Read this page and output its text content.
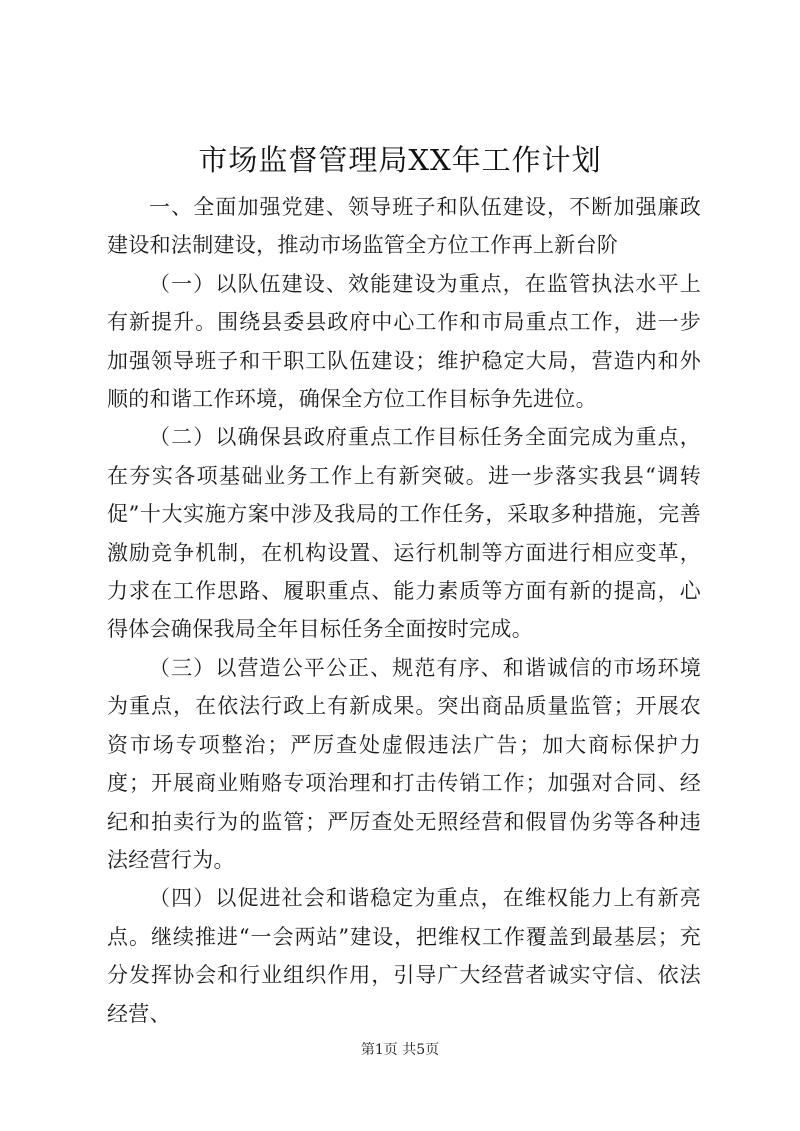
市场监督管理局XX年工作计划

一、全面加强党建、领导班子和队伍建设，不断加强廉政建设和法制建设，推动市场监管全方位工作再上新台阶

（一）以队伍建设、效能建设为重点，在监管执法水平上有新提升。围绕县委县政府中心工作和市局重点工作，进一步加强领导班子和干职工队伍建设；维护稳定大局，营造内和外顺的和谐工作环境，确保全方位工作目标争先进位。

（二）以确保县政府重点工作目标任务全面完成为重点，在夯实各项基础业务工作上有新突破。进一步落实我县“调转促”十大实施方案中涉及我局的工作任务，采取多种措施，完善激励竞争机制，在机构设置、运行机制等方面进行相应变革，力求在工作思路、履职重点、能力素质等方面有新的提高，心得体会确保我局全年目标任务全面按时完成。

（三）以营造公平公正、规范有序、和谐诚信的市场环境为重点，在依法行政上有新成果。突出商品质量监管；开展农资市场专项整治；严厉查处虚假违法广告；加大商标保护力度；开展商业贿赂专项治理和打击传销工作；加强对合同、经纪和拍卖行为的监管；严厉查处无照经营和假冒伪劣等各种违法经营行为。

（四）以促进社会和谐稳定为重点，在维权能力上有新亮点。继续推进“一会两站”建设，把维权工作覆盖到最基层；充分发挥协会和行业组织作用，引导广大经营者诚实守信、依法经营、

第1页 共5页
